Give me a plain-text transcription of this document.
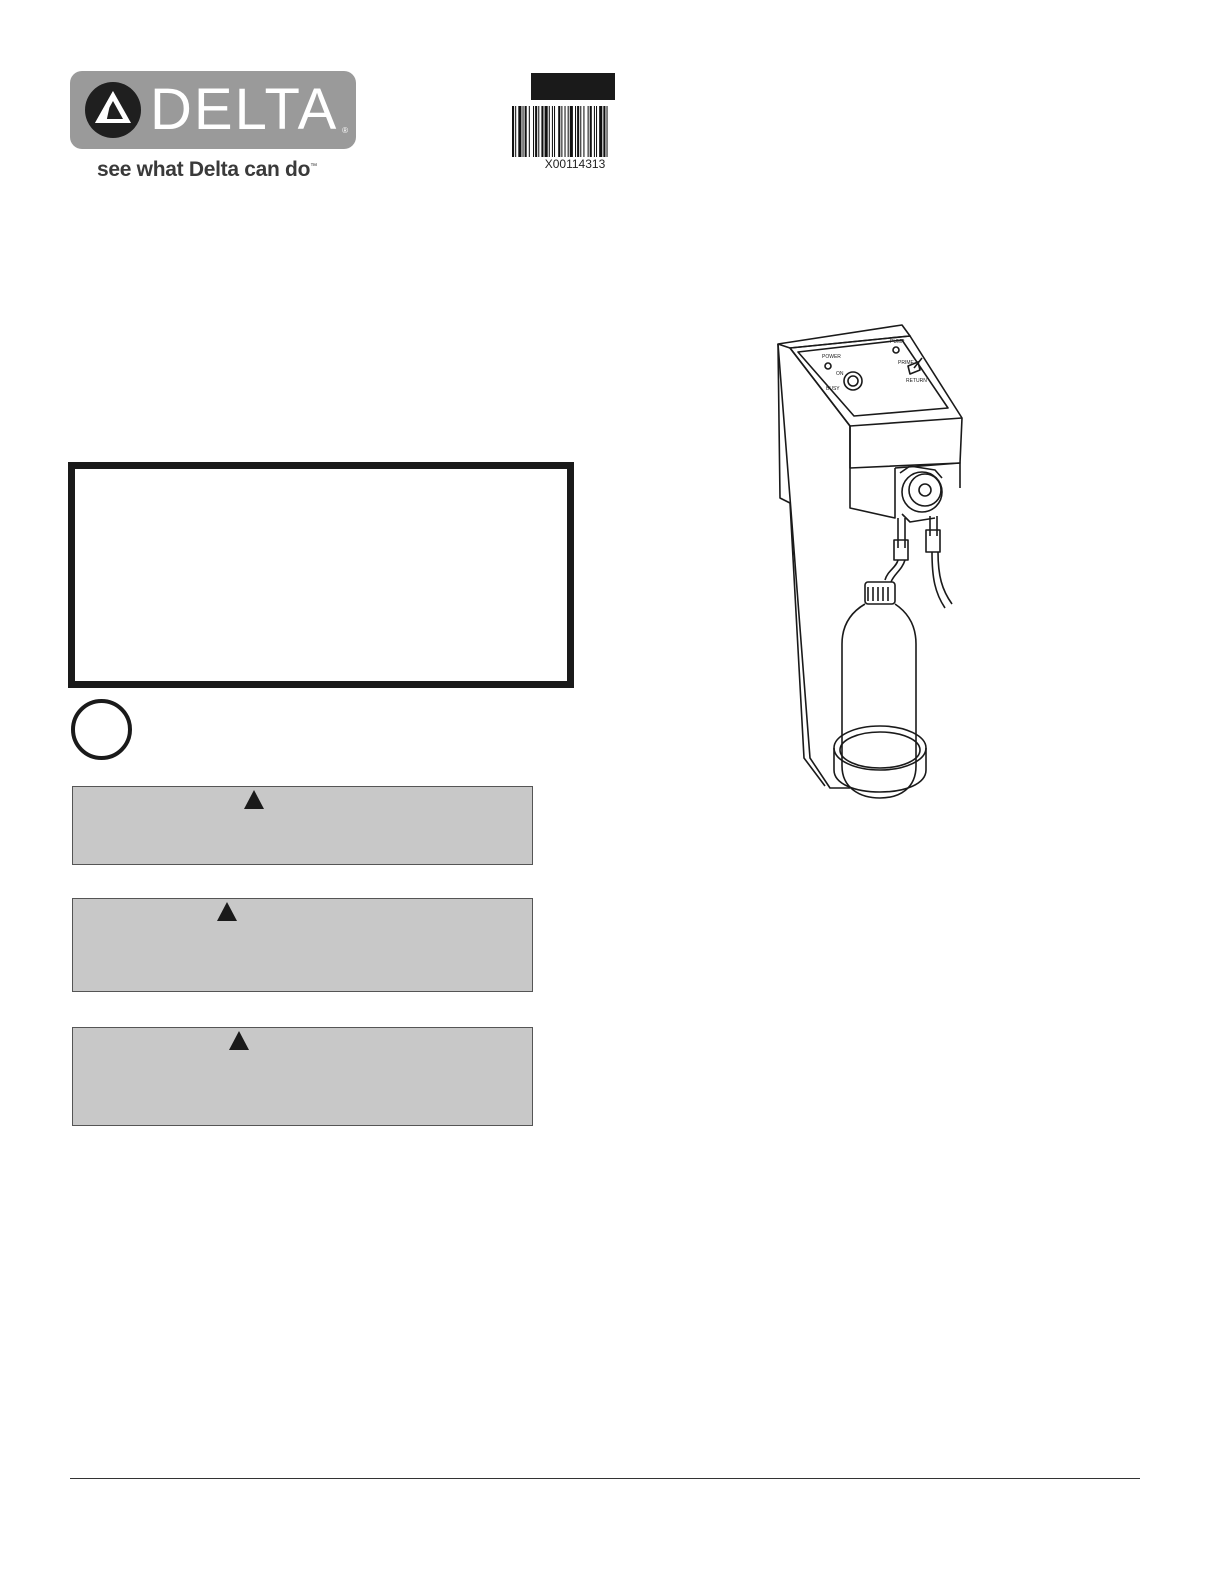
DELTA ®
see what Delta can do™	X00114313
POWER
PUMP
ON
PRIME
BUSY
RETURN
